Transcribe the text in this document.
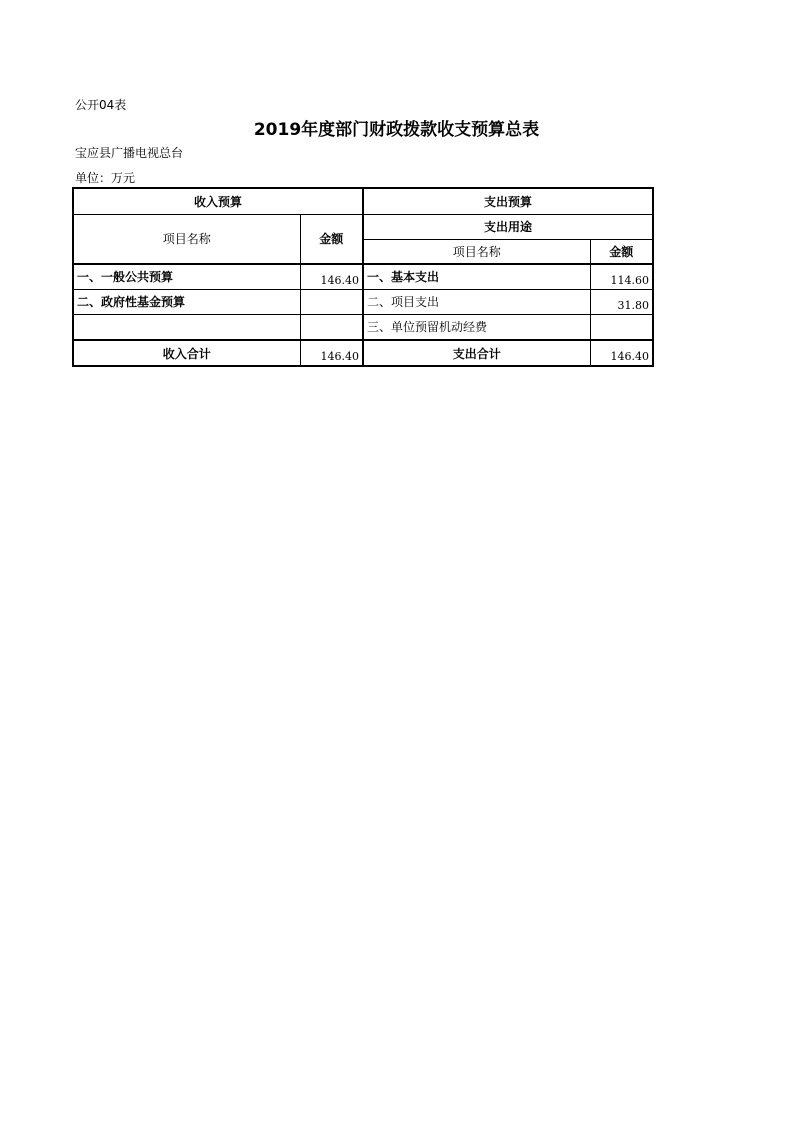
公开04表
2019年度部门财政拨款收支预算总表
宝应县广播电视总台
单位：万元
收入预算		支出预算	
项目名称	金额	支出用途	
		项目名称	金额
一、一般公共预算	146.40	一、基本支出	114.60
二、政府性基金预算		二、项目支出	31.80
		三、单位预留机动经费	
收入合计	146.40	支出合计	146.40
